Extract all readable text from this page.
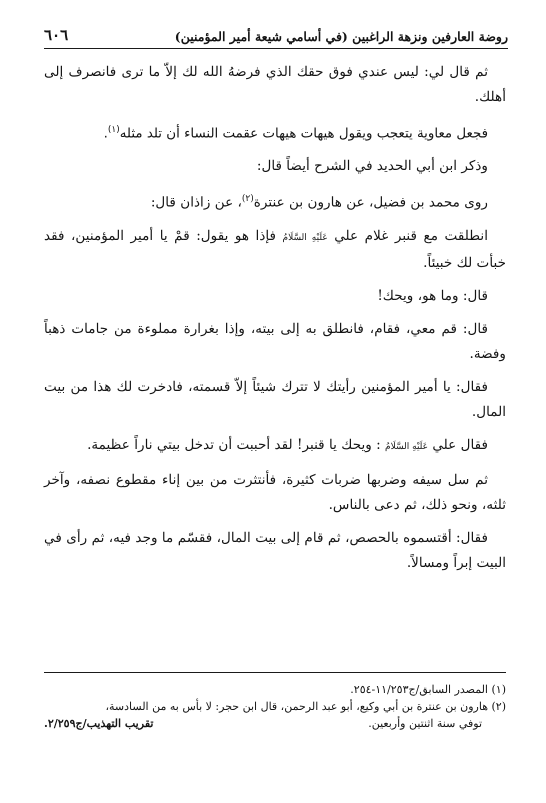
روضة العارفين ونزهة الراغبين (في أسامي شيعة أمير المؤمنين)
٦٠٦

ثم قال لي: ليس عندي فوق حقك الذي فرضهُ الله لك إلاّ ما ترى فانصرف إلى أهلك.

فجعل معاوية يتعجب ويقول هيهات هيهات عقمت النساء أن تلد مثله$^{(١)}$.

وذكر ابن أبي الحديد في الشرح أيضاً قال:

روى محمد بن فضيل، عن هارون بن عنترة$^{(٢)}$، عن زاذان قال:

انطلقت مع قنبر غلام علي عَلَيْهِ السَّلَامُ فإذا هو يقول: قمْ يا أمير المؤمنين، فقد خبأت لك خبيئاً.

قال: وما هو، ويحك!

قال: قم معي، فقام، فانطلق به إلى بيته، وإذا بغرارة مملوءة من جامات ذهباً وفضة.

فقال: يا أمير المؤمنين رأيتك لا تترك شيئاً إلاّ قسمته، فادخرت لك هذا من بيت المال.

فقال علي عَلَيْهِ السَّلَامُ : ويحك يا قنبر! لقد أحببت أن تدخل بيتي ناراً عظيمة.

ثم سل سيفه وضربها ضربات كثيرة، فأنتثرت من بين إناء مقطوع نصفه، وآخر ثلثه، ونحو ذلك، ثم دعى بالناس.

فقال: أقتسموه بالحصص، ثم قام إلى بيت المال، فقسّم ما وجد فيه، ثم رأى في البيت إبراً ومسالاً.

(١) المصدر السابق/ج١١/٢٥٣-٢٥٤.

(٢) هارون بن عنترة بن أبي وكيع، أبو عبد الرحمن، قال ابن حجر: لا بأس به من السادسة،

توفي سنة اثنتين وأربعين.
تقريب التهذيب/ج٢/٢٥٩.
